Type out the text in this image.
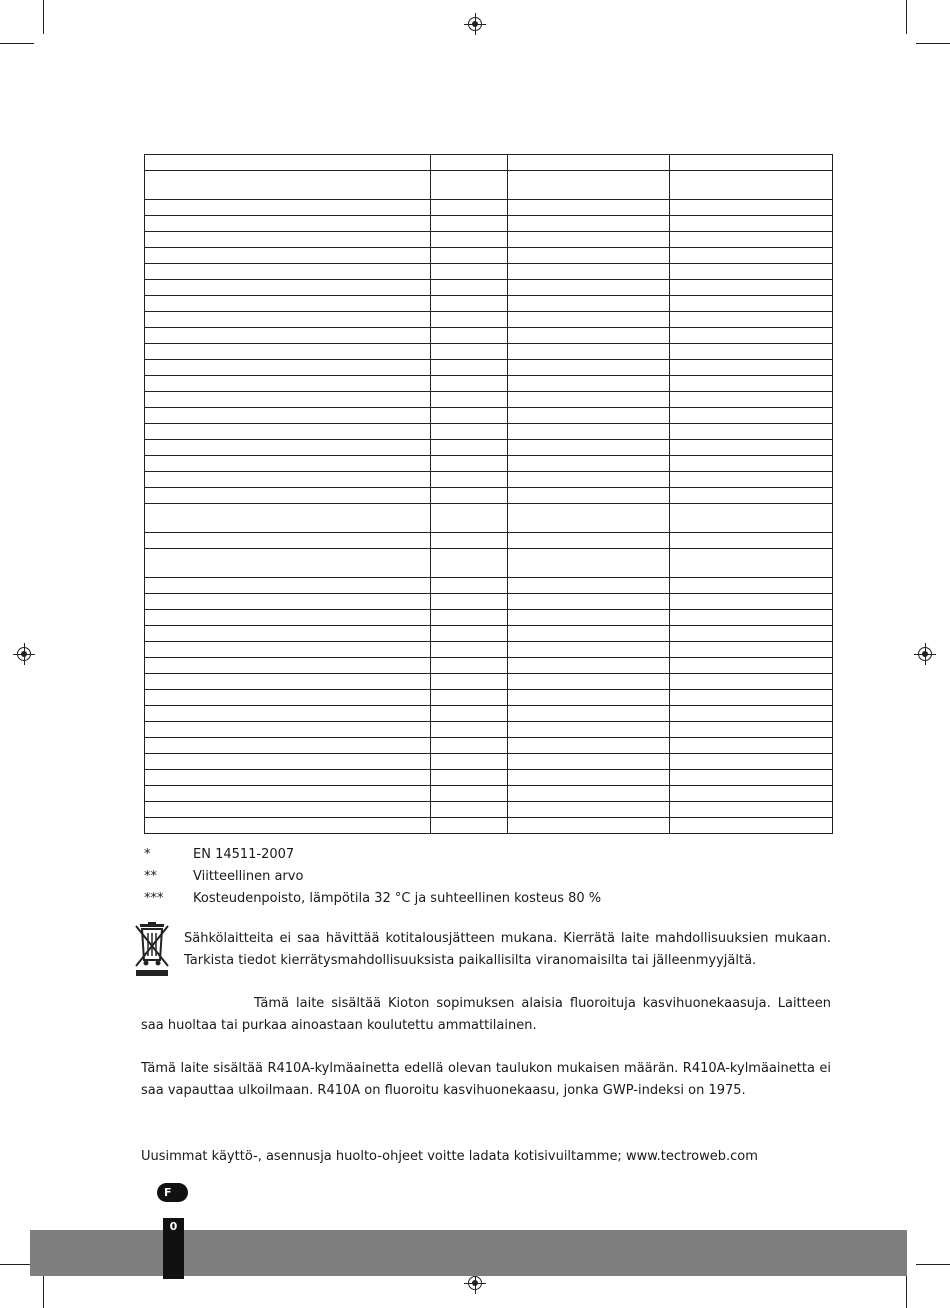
*	EN 14511-2007
**	Viitteellinen arvo
***	Kosteudenpoisto, lämpötila 32 °C ja suhteellinen kosteus 80 %
Sähkölaitteita ei saa hävittää kotitalousjätteen mukana. Kierrätä laite mahdollisuuksien mukaan. Tarkista tiedot kierrätysmahdollisuuksista paikallisilta viranomaisilta tai jälleenmyyjältä.
Tämä laite sisältää Kioton sopimuksen alaisia fluoroituja kasvihuonekaasuja. Laitteen saa huoltaa tai purkaa ainoastaan koulutettu ammattilainen.
Tämä laite sisältää R410A-kylmäainetta edellä olevan taulukon mukaisen määrän. R410A-kylmäainetta ei saa vapauttaa ulkoilmaan. R410A on fluoroitu kasvihuonekaasu, jonka GWP-indeksi on 1975.
Uusimmat käyttö-, asennusja huolto-ohjeet voitte ladata kotisivuiltamme; www.tectroweb.com
F
0
